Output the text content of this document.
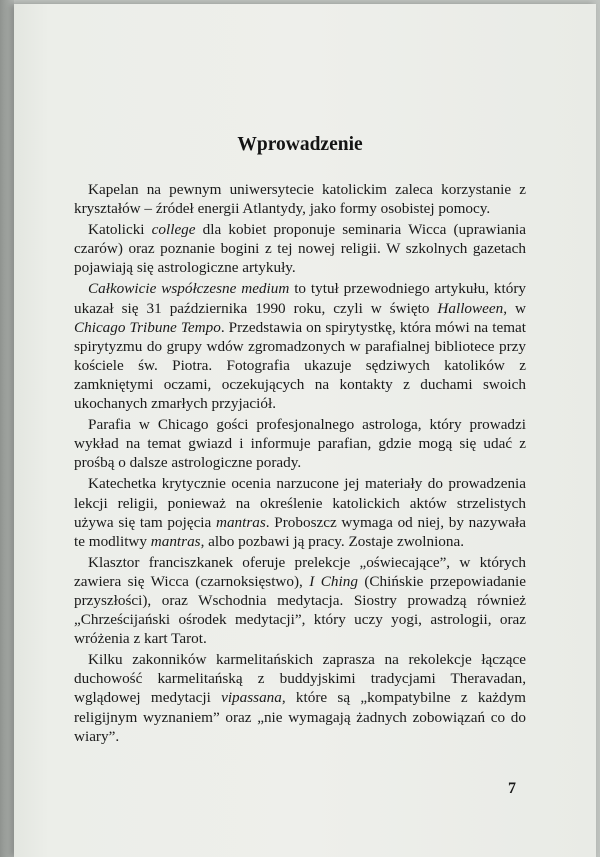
Wprowadzenie

Kapelan na pewnym uniwersytecie katolickim zaleca korzystanie z kryształów – źródeł energii Atlantydy, jako formy osobistej pomocy.

Katolicki college dla kobiet proponuje seminaria Wicca (uprawiania czarów) oraz poznanie bogini z tej nowej religii. W szkolnych gazetach pojawiają się astrologiczne artykuły.

Całkowicie współczesne medium to tytuł przewodniego artykułu, który ukazał się 31 października 1990 roku, czyli w święto Halloween, w Chicago Tribune Tempo. Przedstawia on spirytystkę, która mówi na temat spirytyzmu do grupy wdów zgromadzonych w parafialnej bibliotece przy kościele św. Piotra. Fotografia ukazuje sędziwych katolików z zamkniętymi oczami, oczekujących na kontakty z duchami swoich ukochanych zmarłych przyjaciół.

Parafia w Chicago gości profesjonalnego astrologa, który prowadzi wykład na temat gwiazd i informuje parafian, gdzie mogą się udać z prośbą o dalsze astrologiczne porady.

Katechetka krytycznie ocenia narzucone jej materiały do prowadzenia lekcji religii, ponieważ na określenie katolickich aktów strzelistych używa się tam pojęcia mantras. Proboszcz wymaga od niej, by nazywała te modlitwy mantras, albo pozbawi ją pracy. Zostaje zwolniona.

Klasztor franciszkanek oferuje prelekcje „oświecające”, w których zawiera się Wicca (czarnoksięstwo), I Ching (Chińskie przepowiadanie przyszłości), oraz Wschodnia medytacja. Siostry prowadzą również „Chrześcijański ośrodek medytacji”, który uczy yogi, astrologii, oraz wróżenia z kart Tarot.

Kilku zakonników karmelitańskich zaprasza na rekolekcje łączące duchowość karmelitańską z buddyjskimi tradycjami Theravadan, wglądowej medytacji vipassana, które są „kompatybilne z każdym religijnym wyznaniem” oraz „nie wymagają żadnych zobowiązań co do wiary”.

7
